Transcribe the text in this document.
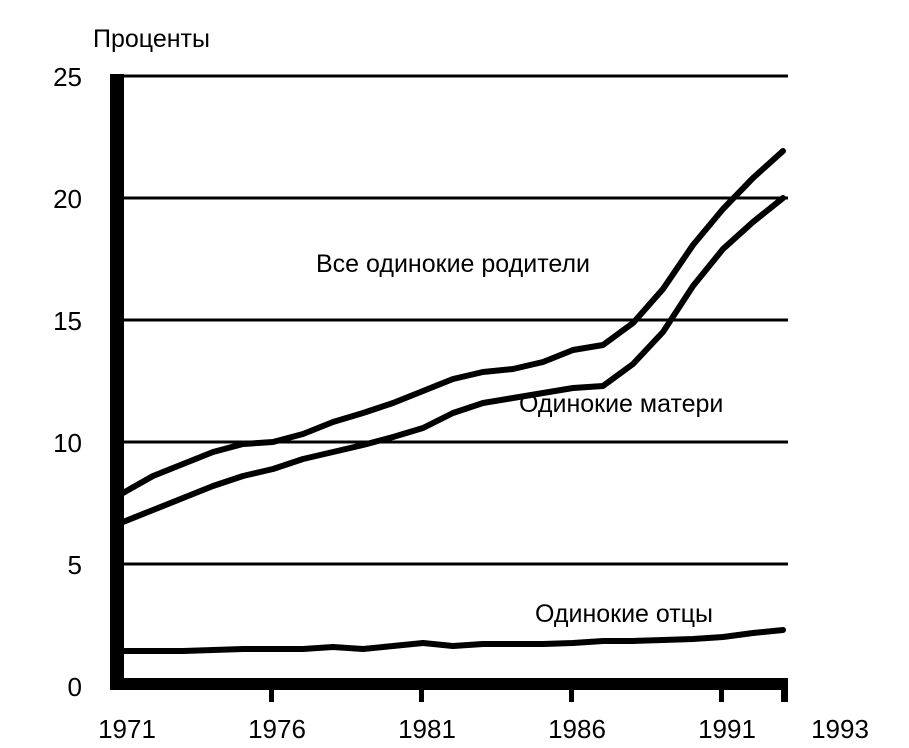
Проценты
25
20
15
10
5
0
1971	1976	1981	1986	1991	1993
Все одинокие родители
Одинокие матери
Одинокие отцы
